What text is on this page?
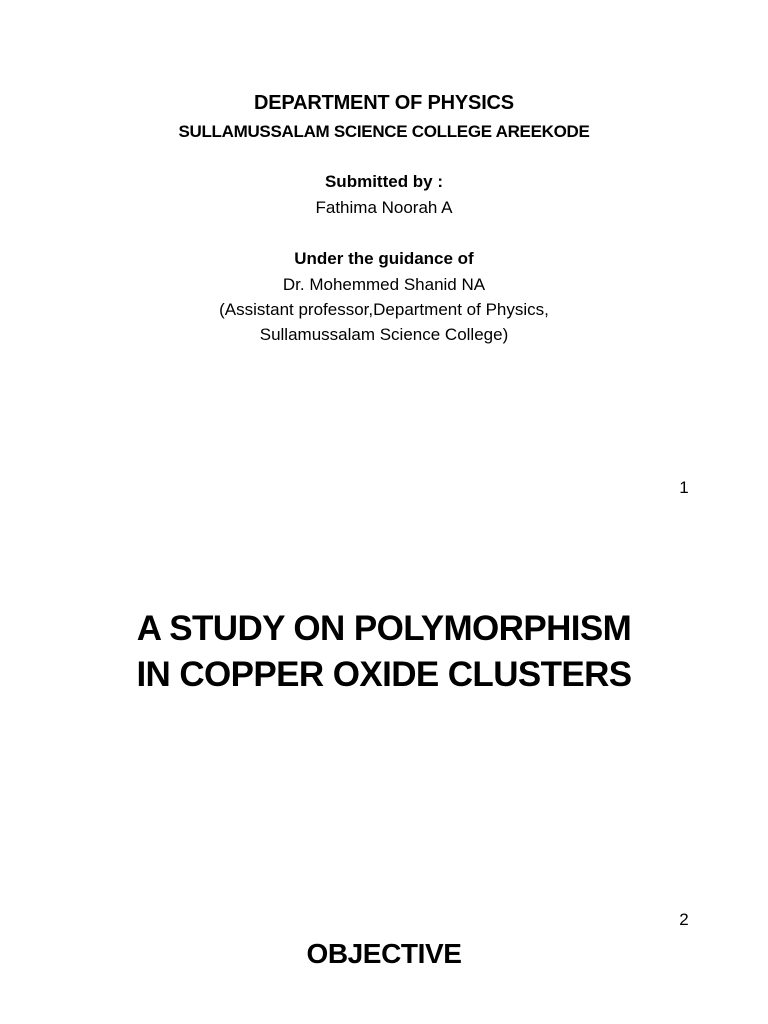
DEPARTMENT OF PHYSICS
SULLAMUSSALAM SCIENCE COLLEGE AREEKODE
Submitted by :
Fathima Noorah A
Under the guidance of
Dr. Mohemmed Shanid NA
(Assistant professor,Department of Physics,
Sullamussalam Science College)
1
A STUDY ON POLYMORPHISM
IN COPPER OXIDE CLUSTERS
2
OBJECTIVE
